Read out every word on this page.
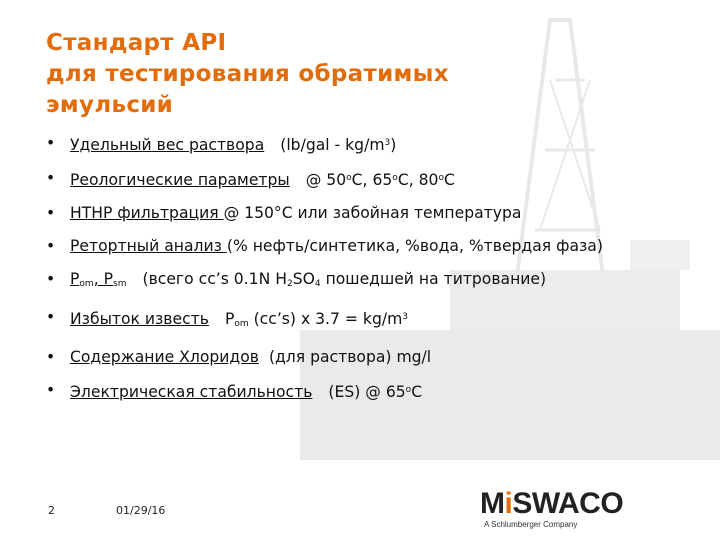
Стандарт API
для тестирования обратимых
эмульсий
• Удельный вес раствора $(lb/gal - kg/m^3)$
• Реологические параметры @ 50$^o$C, 65$^o$C, 80$^o$C
• HTHP фильтрация @ 150°C или забойная температура
• Ретортный анализ (% нефть/синтетика, %вода, %твердая фаза)
• $P_{om}$, $P_{sm}$ (всего cc’s 0.1N $H_2SO_4$ пошедшей на титрование)
• Избыток известь $P_{om}$ (cc’s) x $3.7 = kg/m^3$
• Содержание Хлоридов (для раствора) mg/l
• Электрическая стабильность (ES) @ 65$^o$C
2	01/29/16	MiSWACO
A Schlumberger Company
